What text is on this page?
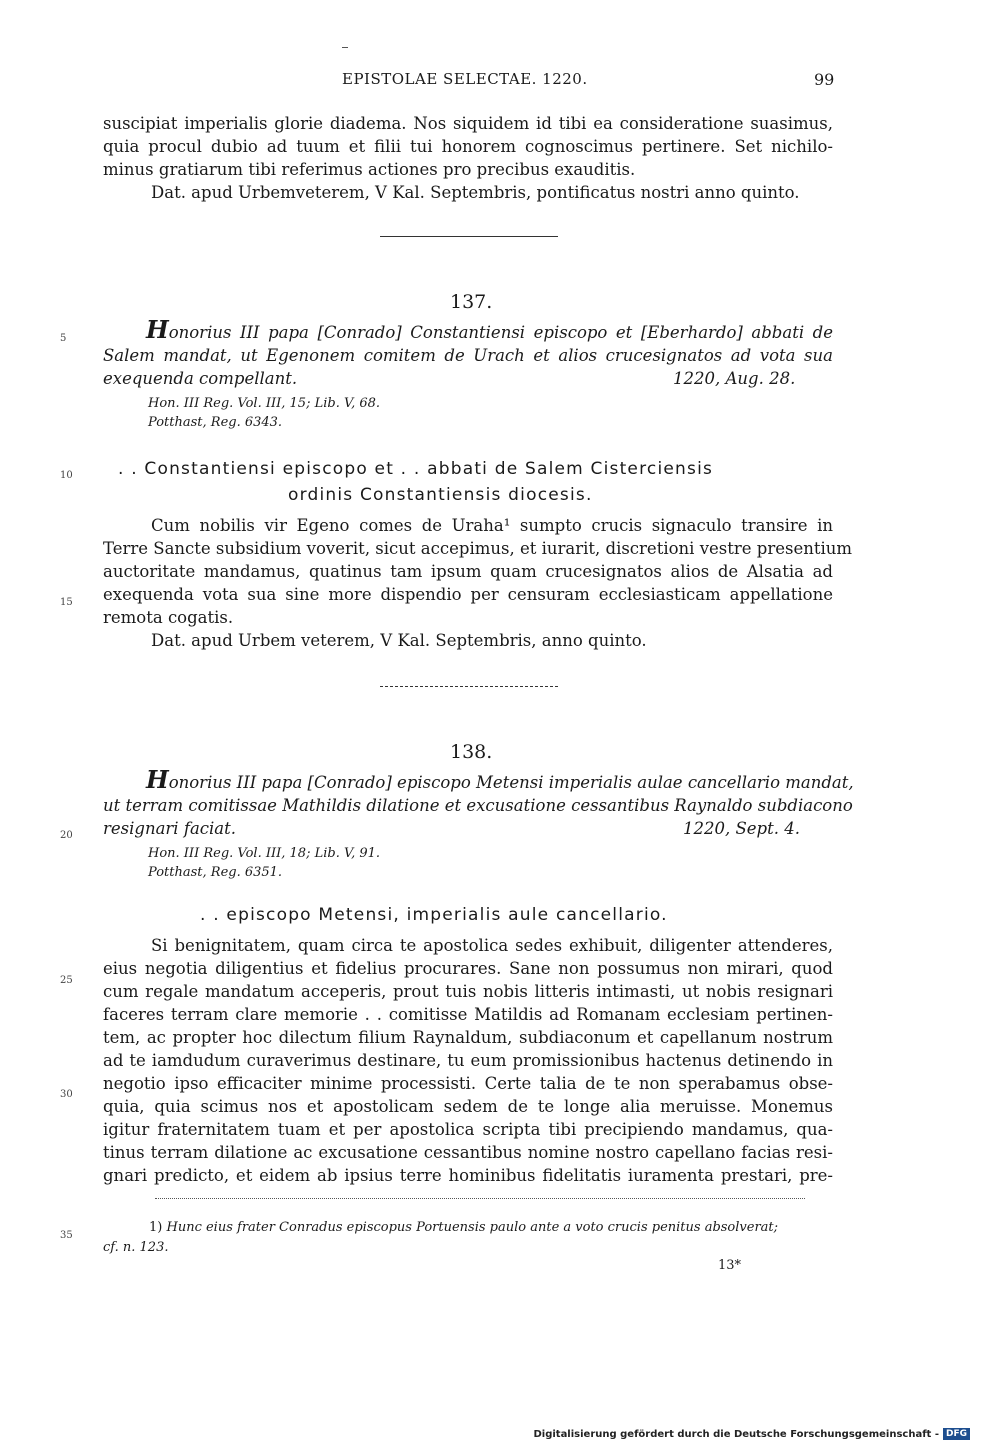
EPISTOLAE SELECTAE. 1220.	99
suscipiat imperialis glorie diadema. Nos siquidem id tibi ea consideratione suasimus,
quia procul dubio ad tuum et filii tui honorem cognoscimus pertinere. Set nichilo-
minus gratiarum tibi referimus actiones pro precibus exauditis.
Dat. apud Urbemveterem, V Kal. Septembris, pontificatus nostri anno quinto.
137.
5	Honorius III papa [Conrado] Constantiensi episcopo et [Eberhardo] abbati de
Salem mandat, ut Egenonem comitem de Urach et alios crucesignatos ad vota sua
exequenda compellant.	1220, Aug. 28.
Hon. III Reg. Vol. III, 15; Lib. V, 68.
Potthast, Reg. 6343.
10	. . Constantiensi episcopo et . . abbati de Salem Cisterciensis
ordinis Constantiensis diocesis.
15
Cum nobilis vir Egeno comes de Uraha¹ sumpto crucis signaculo transire in
Terre Sancte subsidium voverit, sicut accepimus, et iurarit, discretioni vestre presentium
auctoritate mandamus, quatinus tam ipsum quam crucesignatos alios de Alsatia ad
exequenda vota sua sine more dispendio per censuram ecclesiasticam appellatione
remota cogatis.
Dat. apud Urbem veterem, V Kal. Septembris, anno quinto.
138.
Honorius III papa [Conrado] episcopo Metensi imperialis aulae cancellario mandat,
ut terram comitissae Mathildis dilatione et excusatione cessantibus Raynaldo subdiacono
resignari faciat.	1220, Sept. 4.
20
Hon. III Reg. Vol. III, 18; Lib. V, 91.
Potthast, Reg. 6351.
. . episcopo Metensi, imperialis aule cancellario.
25
30
Si benignitatem, quam circa te apostolica sedes exhibuit, diligenter attenderes,
eius negotia diligentius et fidelius procurares. Sane non possumus non mirari, quod
cum regale mandatum acceperis, prout tuis nobis litteris intimasti, ut nobis resignari
faceres terram clare memorie . . comitisse Matildis ad Romanam ecclesiam pertinen-
tem, ac propter hoc dilectum filium Raynaldum, subdiaconum et capellanum nostrum
ad te iamdudum curaverimus destinare, tu eum promissionibus hactenus detinendo in
negotio ipso efficaciter minime processisti. Certe talia de te non sperabamus obse-
quia, quia scimus nos et apostolicam sedem de te longe alia meruisse. Monemus
igitur fraternitatem tuam et per apostolica scripta tibi precipiendo mandamus, qua-
tinus terram dilatione ac excusatione cessantibus nomine nostro capellano facias resi-
gnari predicto, et eidem ab ipsius terre hominibus fidelitatis iuramenta prestari, pre-
35
1) Hunc eius frater Conradus episcopus Portuensis paulo ante a voto crucis penitus absolverat;
cf. n. 123.
13*
Digitalisierung gefördert durch die Deutsche Forschungsgemeinschaft - DFG
